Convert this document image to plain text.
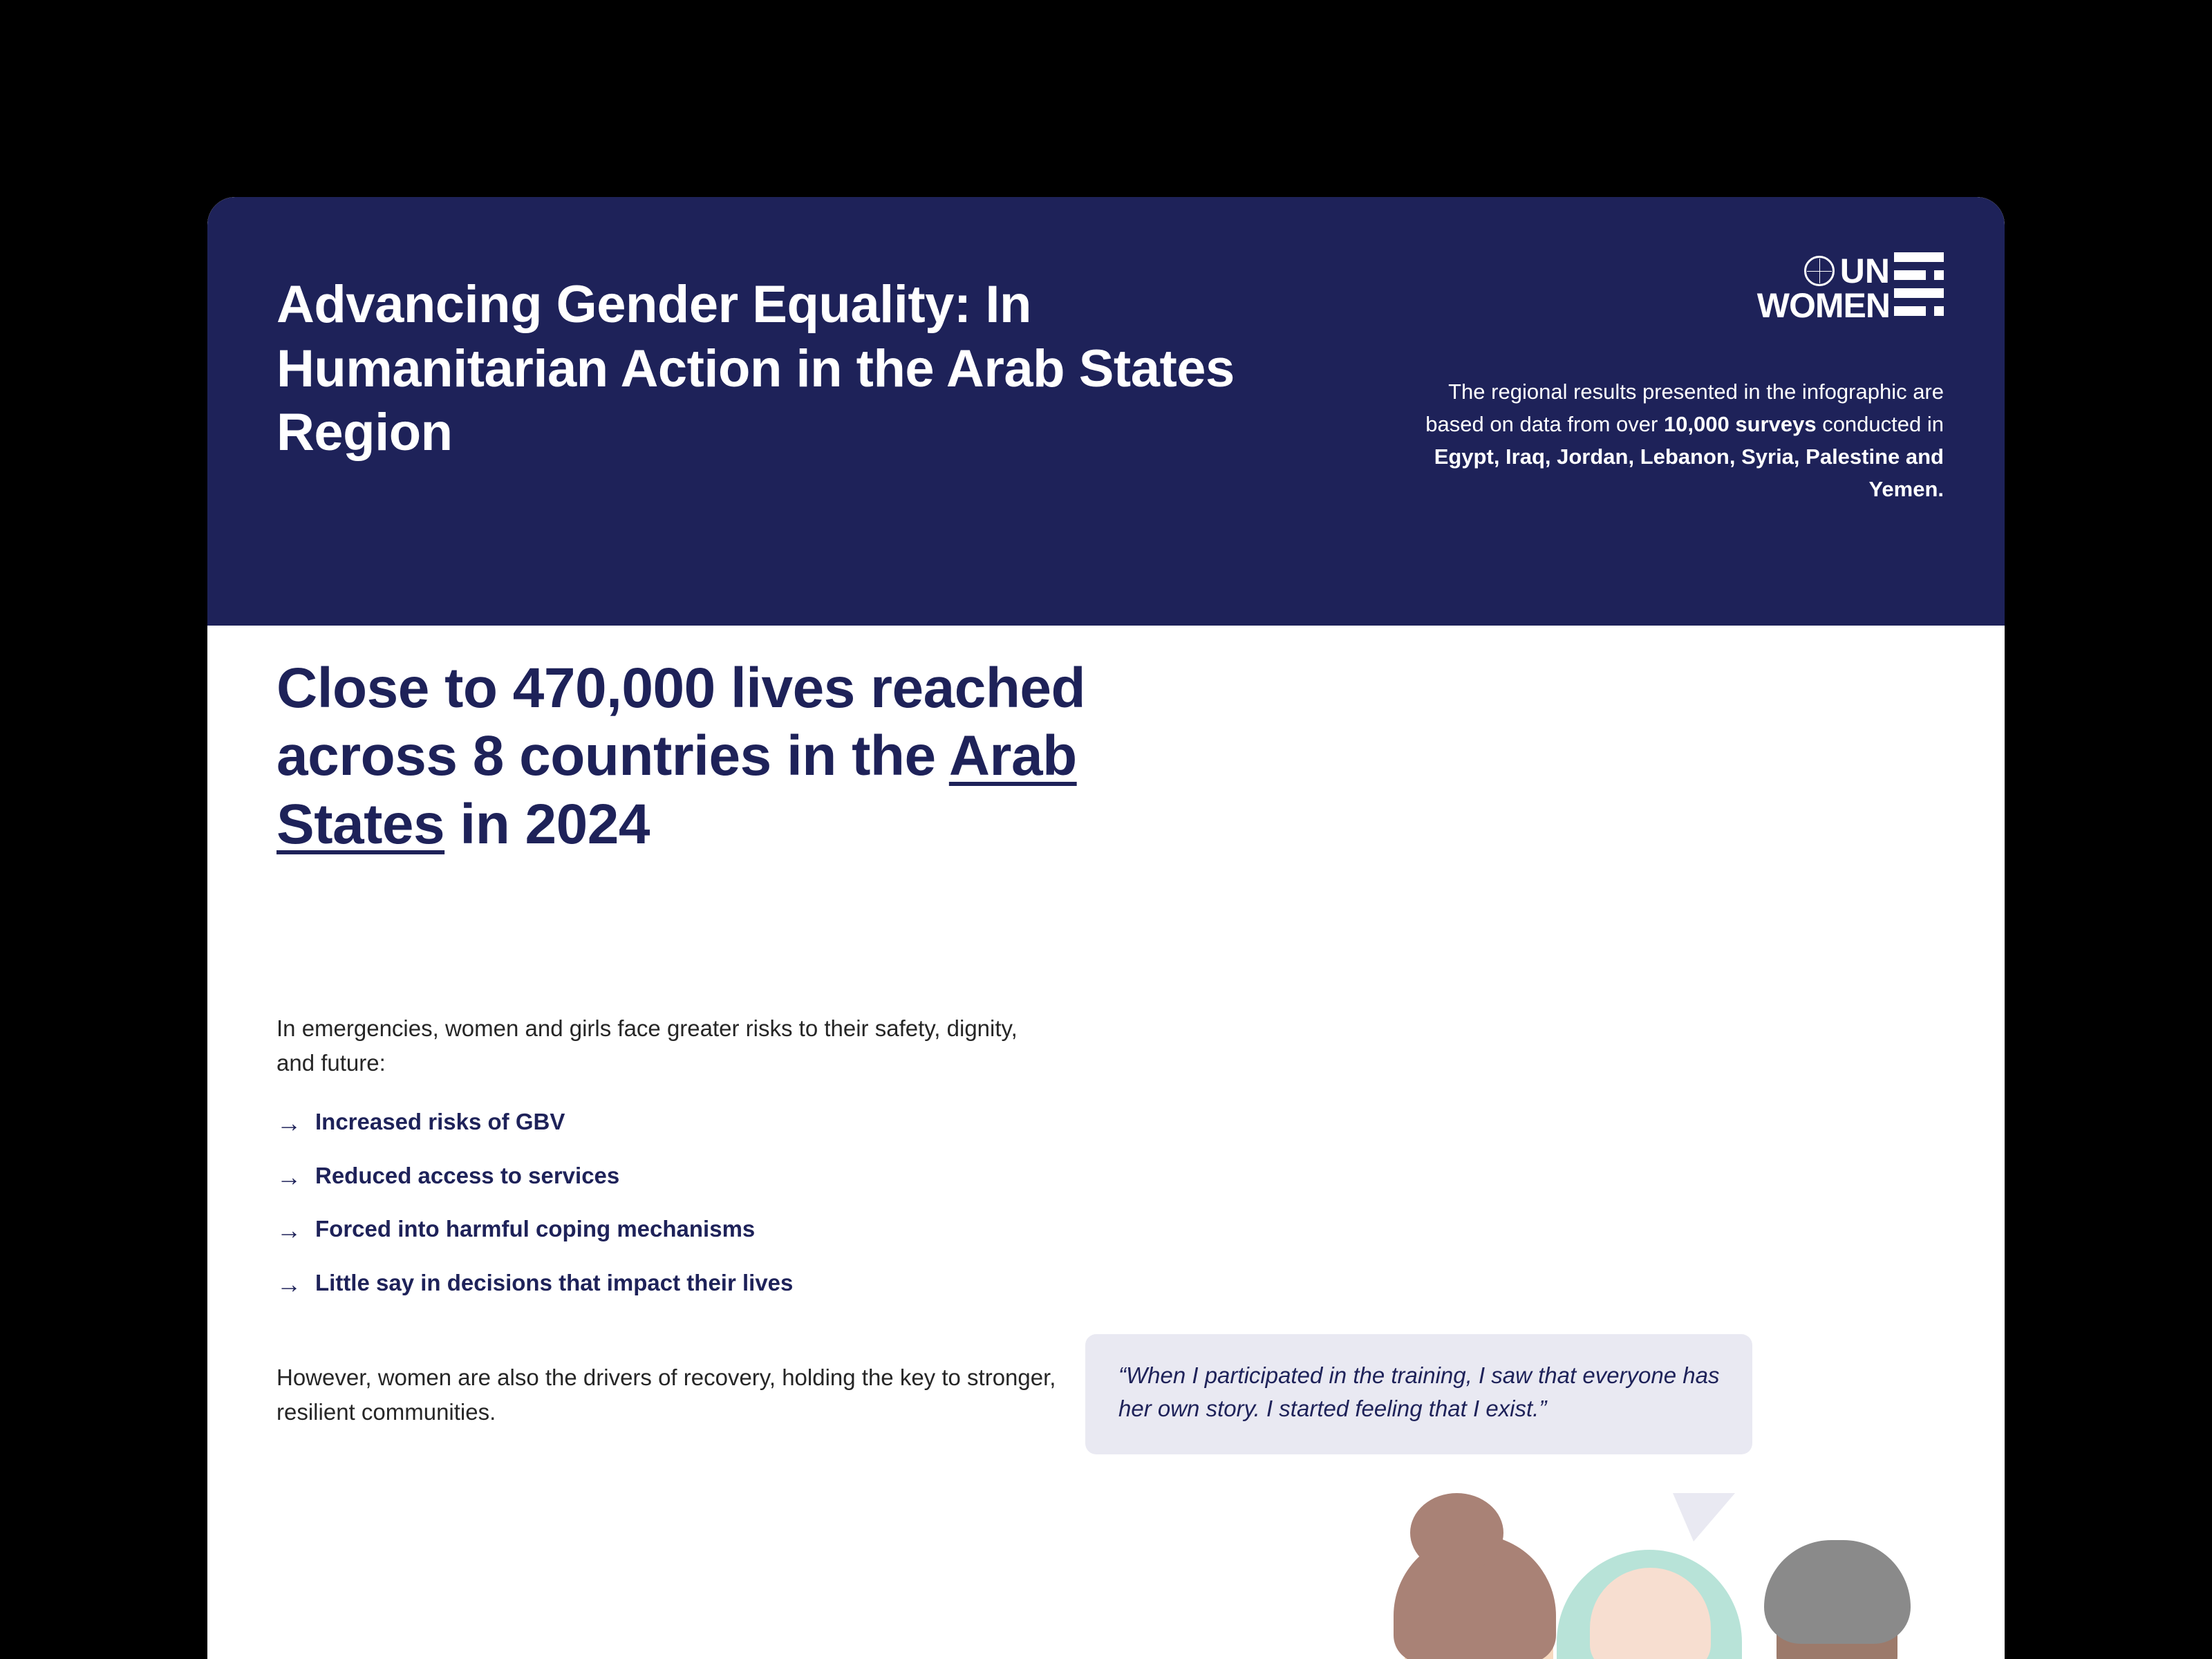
Advancing Gender Equality: In Humanitarian Action in the Arab States Region
UN
WOMEN
The regional results presented in the infographic are based on data from over 10,000 surveys conducted in Egypt, Iraq, Jordan, Lebanon, Syria, Palestine and Yemen.
Close to 470,000 lives reached across 8 countries in the Arab States in 2024
In emergencies, women and girls face greater risks to their safety, dignity, and future:
→ Increased risks of GBV
→ Reduced access to services
→ Forced into harmful coping mechanisms
→ Little say in decisions that impact their lives
However, women are also the drivers of recovery, holding the key to stronger, resilient communities.
“When I participated in the training, I saw that everyone has her own story. I started feeling that I exist.”
